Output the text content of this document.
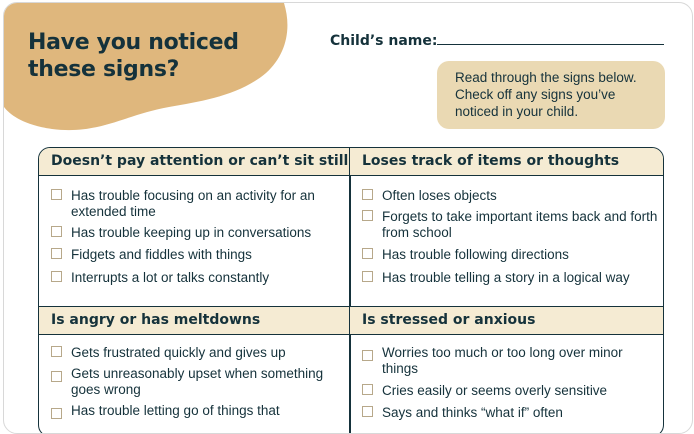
Have you noticed
these signs?
Child’s name:
Read through the signs below. Check off any signs you’ve noticed in your child.
Doesn’t pay attention or can’t sit still Loses track of items or thoughts
Has trouble focusing on an activity for an extended time
Has trouble keeping up in conversations
Fidgets and fiddles with things
Interrupts a lot or talks constantly
Often loses objects
Forgets to take important items back and forth from school
Has trouble following directions
Has trouble telling a story in a logical way
Is angry or has meltdowns	Is stressed or anxious
Gets frustrated quickly and gives up
Gets unreasonably upset when something goes wrong
Has trouble letting go of things that
Worries too much or too long over minor things
Cries easily or seems overly sensitive
Says and thinks “what if” often
